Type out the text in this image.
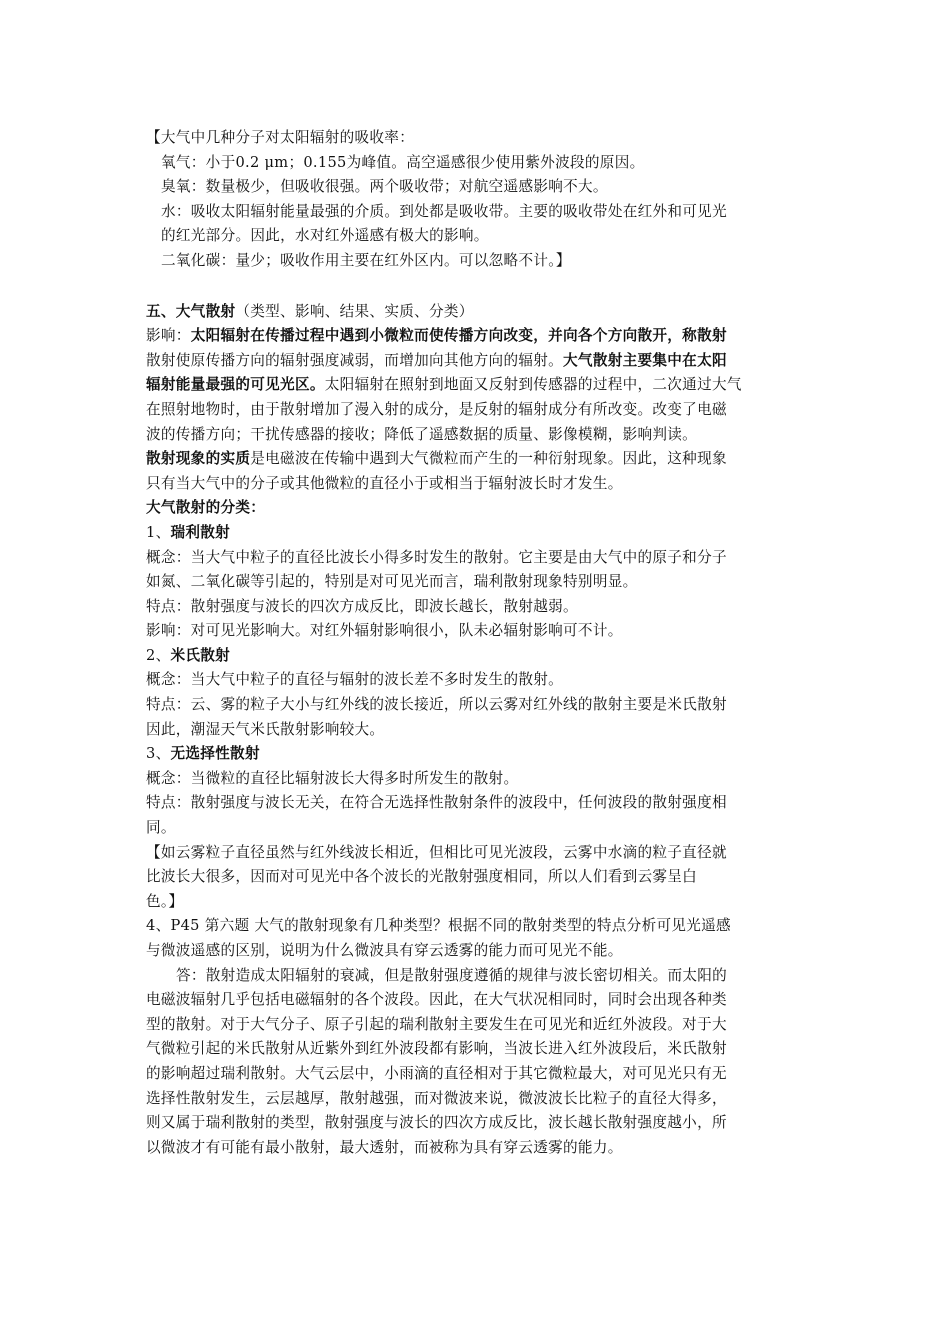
【大气中几种分子对太阳辐射的吸收率：
氧气：小于0.2 μm；0.155为峰值。高空遥感很少使用紫外波段的原因。
臭氧：数量极少，但吸收很强。两个吸收带；对航空遥感影响不大。
水：吸收太阳辐射能量最强的介质。到处都是吸收带。主要的吸收带处在红外和可见光
的红光部分。因此，水对红外遥感有极大的影响。
二氧化碳：量少；吸收作用主要在红外区内。可以忽略不计。】
五、大气散射（类型、影响、结果、实质、分类）
影响：太阳辐射在传播过程中遇到小微粒而使传播方向改变，并向各个方向散开，称散射
散射使原传播方向的辐射强度减弱，而增加向其他方向的辐射。大气散射主要集中在太阳
辐射能量最强的可见光区。太阳辐射在照射到地面又反射到传感器的过程中，二次通过大气
在照射地物时，由于散射增加了漫入射的成分，是反射的辐射成分有所改变。改变了电磁
波的传播方向；干扰传感器的接收；降低了遥感数据的质量、影像模糊，影响判读。
散射现象的实质是电磁波在传输中遇到大气微粒而产生的一种衍射现象。因此，这种现象
只有当大气中的分子或其他微粒的直径小于或相当于辐射波长时才发生。
大气散射的分类：
1、瑞利散射
概念：当大气中粒子的直径比波长小得多时发生的散射。它主要是由大气中的原子和分子
如氮、二氧化碳等引起的，特别是对可见光而言，瑞利散射现象特别明显。
特点：散射强度与波长的四次方成反比，即波长越长，散射越弱。
影响：对可见光影响大。对红外辐射影响很小，队未必辐射影响可不计。
2、米氏散射
概念：当大气中粒子的直径与辐射的波长差不多时发生的散射。
特点：云、雾的粒子大小与红外线的波长接近，所以云雾对红外线的散射主要是米氏散射
因此，潮湿天气米氏散射影响较大。
3、无选择性散射
概念：当微粒的直径比辐射波长大得多时所发生的散射。
特点：散射强度与波长无关，在符合无选择性散射条件的波段中，任何波段的散射强度相
同。
【如云雾粒子直径虽然与红外线波长相近，但相比可见光波段，云雾中水滴的粒子直径就
比波长大很多，因而对可见光中各个波长的光散射强度相同，所以人们看到云雾呈白
色。】
4、P45 第六题 大气的散射现象有几种类型？根据不同的散射类型的特点分析可见光遥感
与微波遥感的区别，说明为什么微波具有穿云透雾的能力而可见光不能。
答：散射造成太阳辐射的衰减，但是散射强度遵循的规律与波长密切相关。而太阳的
电磁波辐射几乎包括电磁辐射的各个波段。因此，在大气状况相同时，同时会出现各种类
型的散射。对于大气分子、原子引起的瑞利散射主要发生在可见光和近红外波段。对于大
气微粒引起的米氏散射从近紫外到红外波段都有影响，当波长进入红外波段后，米氏散射
的影响超过瑞利散射。大气云层中，小雨滴的直径相对于其它微粒最大，对可见光只有无
选择性散射发生，云层越厚，散射越强，而对微波来说，微波波长比粒子的直径大得多，
则又属于瑞利散射的类型，散射强度与波长的四次方成反比，波长越长散射强度越小，所
以微波才有可能有最小散射，最大透射，而被称为具有穿云透雾的能力。
